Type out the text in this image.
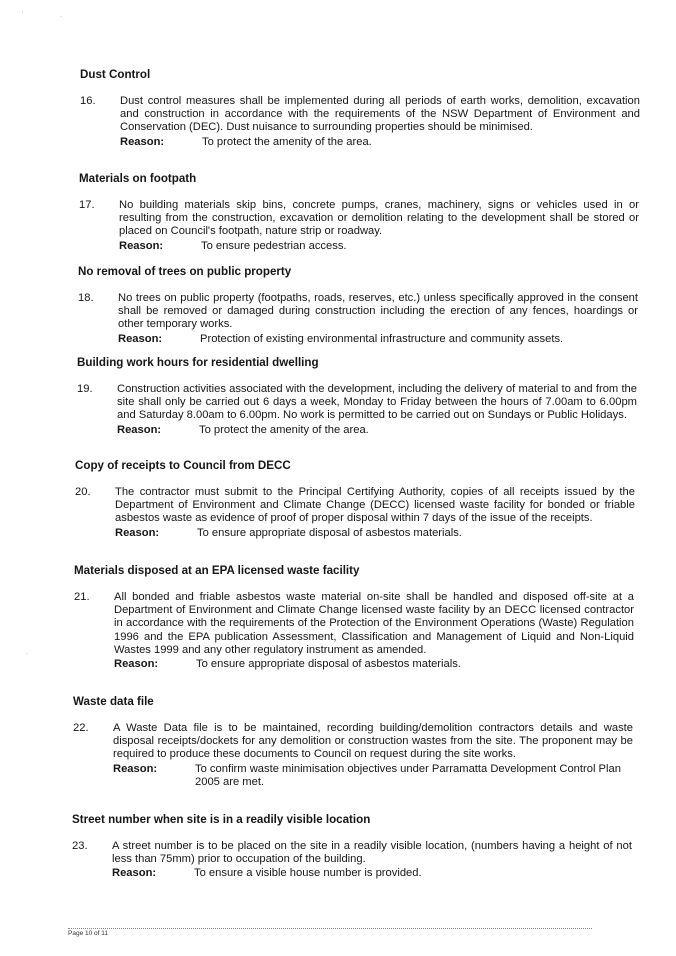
'	.
.

Dust Control

16.	Dust control measures shall be implemented during all periods of earth works, demolition, excavation and construction in accordance with the requirements of the NSW Department of Environment and Conservation (DEC). Dust nuisance to surrounding properties should be minimised.
Reason:	To protect the amenity of the area.

Materials on footpath

17.	No building materials skip bins, concrete pumps, cranes, machinery, signs or vehicles used in or resulting from the construction, excavation or demolition relating to the development shall be stored or placed on Council's footpath, nature strip or roadway.
Reason:	To ensure pedestrian access.

No removal of trees on public property

18.	No trees on public property (footpaths, roads, reserves, etc.) unless specifically approved in the consent shall be removed or damaged during construction including the erection of any fences, hoardings or other temporary works.
Reason:	Protection of existing environmental infrastructure and community assets.

Building work hours for residential dwelling

19.	Construction activities associated with the development, including the delivery of material to and from the site shall only be carried out 6 days a week, Monday to Friday between the hours of 7.00am to 6.00pm and Saturday 8.00am to 6.00pm. No work is permitted to be carried out on Sundays or Public Holidays.
Reason:	To protect the amenity of the area.

Copy of receipts to Council from DECC

20.	The contractor must submit to the Principal Certifying Authority, copies of all receipts issued by the Department of Environment and Climate Change (DECC) licensed waste facility for bonded or friable asbestos waste as evidence of proof of proper disposal within 7 days of the issue of the receipts.
Reason:	To ensure appropriate disposal of asbestos materials.

Materials disposed at an EPA licensed waste facility

21.	All bonded and friable asbestos waste material on-site shall be handled and disposed off-site at a Department of Environment and Climate Change licensed waste facility by an DECC licensed contractor in accordance with the requirements of the Protection of the Environment Operations (Waste) Regulation 1996 and the EPA publication Assessment, Classification and Management of Liquid and Non-Liquid Wastes 1999 and any other regulatory instrument as amended.
Reason:	To ensure appropriate disposal of asbestos materials.

Waste data file

22.	A Waste Data file is to be maintained, recording building/demolition contractors details and waste disposal receipts/dockets for any demolition or construction wastes from the site. The proponent may be required to produce these documents to Council on request during the site works.
Reason:	To confirm waste minimisation objectives under Parramatta Development Control Plan 2005 are met.

Street number when site is in a readily visible location

23.	A street number is to be placed on the site in a readily visible location, (numbers having a height of not less than 75mm) prior to occupation of the building.
Reason:	To ensure a visible house number is provided.
Page 10 of 11
